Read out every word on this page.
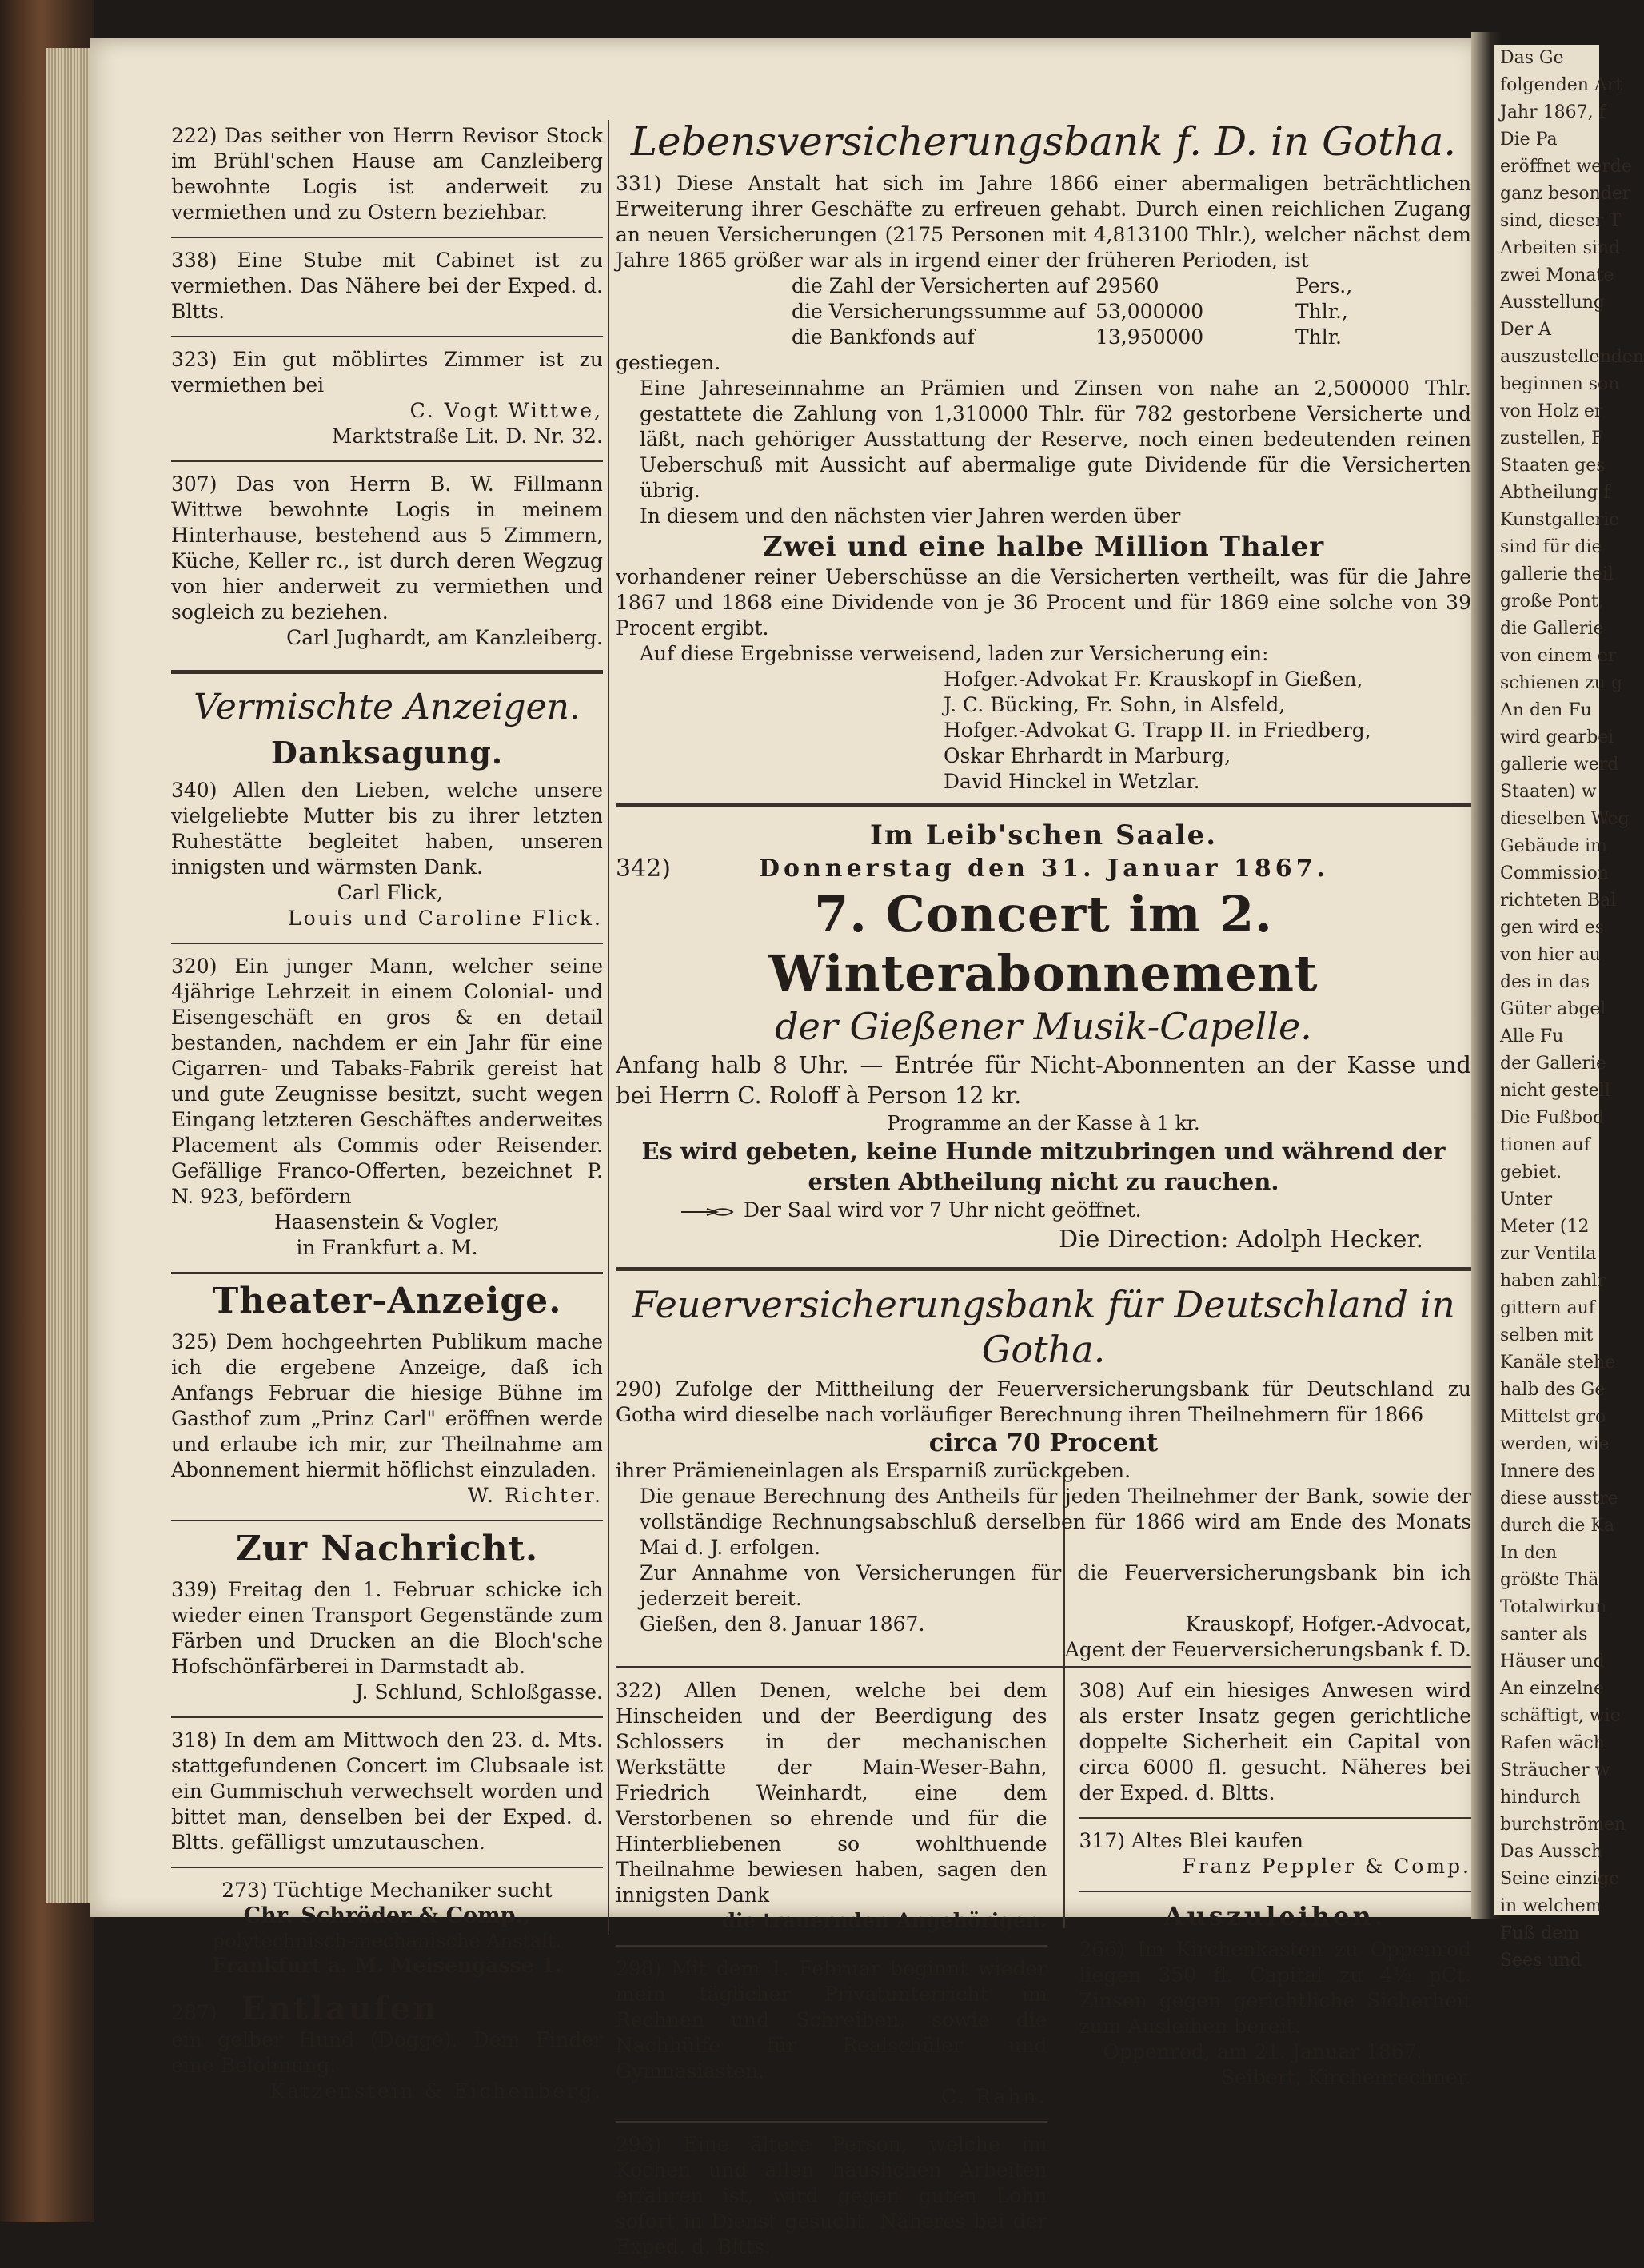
Das Ge
folgenden Art
Jahr 1867, f
Die Pa
eröffnet werde
ganz besonder
sind, dieser T
Arbeiten sind
zwei Monate
Ausstellung
Der A
auszustellenden
beginnen son
von Holz er
zustellen, F
Staaten ges
Abtheilung f
Kunstgallerie
sind für die
gallerie theil
große Pont,
die Gallerie
von einem er
schienen zu g
An den Fu
wird gearbei
gallerie werd
Staaten) w
dieselben Weg
Gebäude im
Commission
richteten Bal
gen wird es
von hier au
des in das
Güter abgel
Alle Fu
der Gallerie
nicht gestell
Die Fußbod
tionen auf
gebiet.
Unter
Meter (12
zur Ventila
haben zahlr
gittern auf
selben mit
Kanäle stehe
halb des Ge
Mittelst gro
werden, wie
Innere des
diese ausstre
durch die Ka
In den
größte Thä
Totalwirkun
santer als
Häuser und
An einzelne
schäftigt, wie
Rafen wäch
Sträucher w
hindurch
burchströmen
Das Aussch
Seine einzige
in welchem
Fuß dem
Sees und

222) Das seither von Herrn Revisor Stock im Brühl'schen Hause am Canzleiberg bewohnte Logis ist anderweit zu vermiethen und zu Ostern beziehbar.

338) Eine Stube mit Cabinet ist zu vermiethen. Das Nähere bei der Exped. d. Bltts.

323) Ein gut möblirtes Zimmer ist zu vermiethen bei

C. Vogt Wittwe,
Marktstraße Lit. D. Nr. 32.

307) Das von Herrn B. W. Fillmann Wittwe bewohnte Logis in meinem Hinterhause, bestehend aus 5 Zimmern, Küche, Keller rc., ist durch deren Wegzug von hier anderweit zu vermiethen und sogleich zu beziehen.

Carl Jughardt, am Kanzleiberg.
Vermischte Anzeigen.
Danksagung.

340) Allen den Lieben, welche unsere vielgeliebte Mutter bis zu ihrer letzten Ruhestätte begleitet haben, unseren innigsten und wärmsten Dank.

Carl Flick,
Louis und Caroline Flick.

320) Ein junger Mann, welcher seine 4jährige Lehrzeit in einem Colonial- und Eisengeschäft en gros & en detail bestanden, nachdem er ein Jahr für eine Cigarren- und Tabaks-Fabrik gereist hat und gute Zeugnisse besitzt, sucht wegen Eingang letzteren Geschäftes anderweites Placement als Commis oder Reisender. Gefällige Franco-Offerten, bezeichnet P. N. 923, befördern

Haasenstein & Vogler,
in Frankfurt a. M.
Theater-Anzeige.

325) Dem hochgeehrten Publikum mache ich die ergebene Anzeige, daß ich Anfangs Februar die hiesige Bühne im Gasthof zum „Prinz Carl" eröffnen werde und erlaube ich mir, zur Theilnahme am Abonnement hiermit höflichst einzuladen.

W. Richter.
Zur Nachricht.

339) Freitag den 1. Februar schicke ich wieder einen Transport Gegenstände zum Färben und Drucken an die Bloch'sche Hofschönfärberei in Darmstadt ab.

J. Schlund, Schloßgasse.

318) In dem am Mittwoch den 23. d. Mts. stattgefundenen Concert im Clubsaale ist ein Gummischuh verwechselt worden und bittet man, denselben bei der Exped. d. Bltts. gefälligst umzutauschen.

273) Tüchtige Mechaniker sucht
Chr. Schröder & Comp.,
polytechnisch-mechanische Anstalt.
Frankfurt a. M. Meisengasse 1.
287) Entlaufen

ein gelber Hund (Dogge). Dem Finder eine Belohnung.

Katzenstein & Eichenberg.
Lebensversicherungsbank f. D. in Gotha.

331) Diese Anstalt hat sich im Jahre 1866 einer abermaligen beträchtlichen Erweiterung ihrer Geschäfte zu erfreuen gehabt. Durch einen reichlichen Zugang an neuen Versicherungen (2175 Personen mit 4,813100 Thlr.), welcher nächst dem Jahre 1865 größer war als in irgend einer der früheren Perioden, ist

die Zahl der Versicherten auf 29560	Pers.,
die Versicherungssumme auf 53,000000	Thlr.,
die Bankfonds auf	13,950000	Thlr.

gestiegen.

Eine Jahreseinnahme an Prämien und Zinsen von nahe an 2,500000 Thlr. gestattete die Zahlung von 1,310000 Thlr. für 782 gestorbene Versicherte und läßt, nach gehöriger Ausstattung der Reserve, noch einen bedeutenden reinen Ueberschuß mit Aussicht auf abermalige gute Dividende für die Versicherten übrig.

In diesem und den nächsten vier Jahren werden über

Zwei und eine halbe Million Thaler

vorhandener reiner Ueberschüsse an die Versicherten vertheilt, was für die Jahre 1867 und 1868 eine Dividende von je 36 Procent und für 1869 eine solche von 39 Procent ergibt.

Auf diese Ergebnisse verweisend, laden zur Versicherung ein:

Hofger.-Advokat Fr. Krauskopf in Gießen,
J. C. Bücking, Fr. Sohn, in Alsfeld,
Hofger.-Advokat G. Trapp II. in Friedberg,
Oskar Ehrhardt in Marburg,
David Hinckel in Wetzlar.
Im Leib'schen Saale.
342)	Donnerstag den 31. Januar 1867.
7. Concert im 2. Winterabonnement
der Gießener Musik-Capelle.

Anfang halb 8 Uhr. — Entrée für Nicht-Abonnenten an der Kasse und bei Herrn C. Roloff à Person 12 kr.

Programme an der Kasse à 1 kr.

Es wird gebeten, keine Hunde mitzubringen und während der ersten Abtheilung nicht zu rauchen.

Der Saal wird vor 7 Uhr nicht geöffnet.
Die Direction: Adolph Hecker.
Feuerversicherungsbank für Deutschland in Gotha.

290) Zufolge der Mittheilung der Feuerversicherungsbank für Deutschland zu Gotha wird dieselbe nach vorläufiger Berechnung ihren Theilnehmern für 1866

circa 70 Procent

ihrer Prämieneinlagen als Ersparniß zurückgeben.

Die genaue Berechnung des Antheils für jeden Theilnehmer der Bank, sowie der vollständige Rechnungsabschluß derselben für 1866 wird am Ende des Monats Mai d. J. erfolgen.

Zur Annahme von Versicherungen für die Feuerversicherungsbank bin ich jederzeit bereit.

Gießen, den 8. Januar 1867.	Krauskopf, Hofger.-Advocat,
Agent der Feuerversicherungsbank f. D.

322) Allen Denen, welche bei dem Hinscheiden und der Beerdigung des Schlossers in der mechanischen Werkstätte der Main-Weser-Bahn, Friedrich Weinhardt, eine dem Verstorbenen so ehrende und für die Hinterbliebenen so wohlthuende Theilnahme bewiesen haben, sagen den innigsten Dank

die trauernden Angehörigen.

298) Mit dem 1. Februar beginnt wieder mein täglicher Privatunterricht im Rechnen und Schreiben, sowie die Nachhülfe für Realschüler und Gymnasiasten.

C. Rahn.

293) Eine ältere Person, welche im Kochen und allen häuslichen Arbeiten erfahren ist, wird gegen guten Lohn sofort in Dienst gesucht. Näheres bei der Exped. d. Bltts.

308) Auf ein hiesiges Anwesen wird als erster Insatz gegen gerichtliche doppelte Sicherheit ein Capital von circa 6000 fl. gesucht. Näheres bei der Exped. d. Bltts.

317) Altes Blei kaufen

Franz Peppler & Comp.
Auszuleihen.

266) Im Kirchenkasten zu Oppenrod liegen 350 fl. Capital zu 4½ pCt. Zinsen gegen gerichtliche Sicherheit zum Ausleihen bereit.

Oppenrod, am 21. Januar 1867.

Seibert, Kirchenrechner.
